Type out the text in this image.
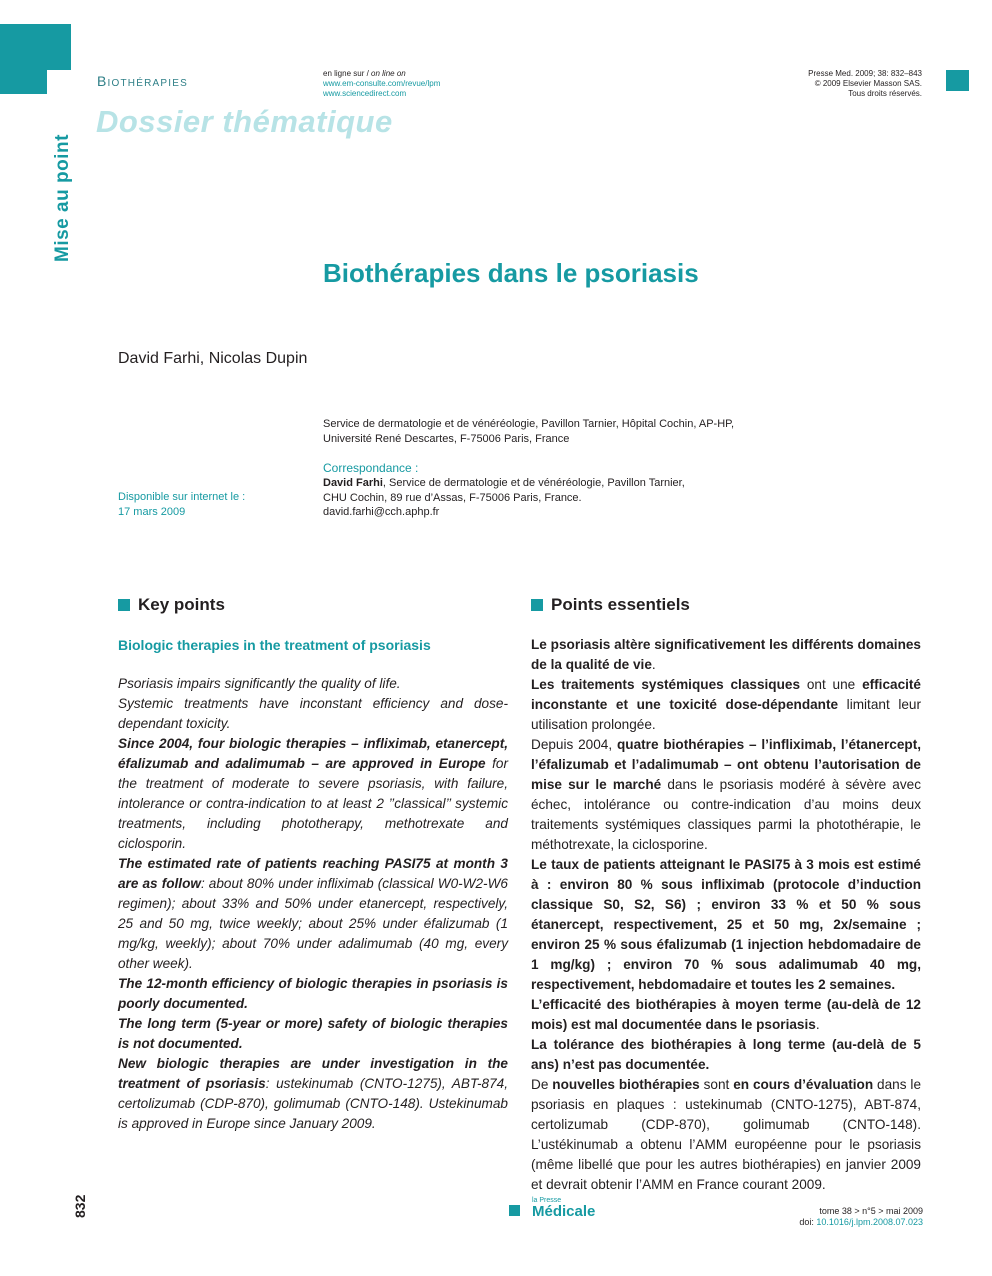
Biothérapies	en ligne sur / on line on
www.em-consulte.com/revue/lpm
www.sciencedirect.com
Presse Med. 2009; 38: 832–843
© 2009 Elsevier Masson SAS.
Tous droits réservés.
Dossier thématique
Mise au point
Biothérapies dans le psoriasis
David Farhi, Nicolas Dupin
Service de dermatologie et de vénéréologie, Pavillon Tarnier, Hôpital Cochin, AP-HP,
Université René Descartes, F-75006 Paris, France
Correspondance :
David Farhi, Service de dermatologie et de vénéréologie, Pavillon Tarnier,
CHU Cochin, 89 rue d’Assas, F-75006 Paris, France.
david.farhi@cch.aphp.fr
Disponible sur internet le :
17 mars 2009
Key points	Points essentiels
Biologic therapies in the treatment of psoriasis

Psoriasis impairs significantly the quality of life.

Systemic treatments have inconstant efficiency and dose-dependant toxicity.

Since 2004, four biologic therapies – infliximab, etanercept, éfalizumab and adalimumab – are approved in Europe for the treatment of moderate to severe psoriasis, with failure, intolerance or contra-indication to at least 2 ’’classical’’ systemic treatments, including phototherapy, methotrexate and ciclosporin.

The estimated rate of patients reaching PASI75 at month 3 are as follow: about 80% under infliximab (classical W0-W2-W6 regimen); about 33% and 50% under etanercept, respectively, 25 and 50 mg, twice weekly; about 25% under éfalizumab (1 mg/kg, weekly); about 70% under adalimumab (40 mg, every other week).

The 12-month efficiency of biologic therapies in psoriasis is poorly documented.

The long term (5-year or more) safety of biologic therapies is not documented.

New biologic therapies are under investigation in the treatment of psoriasis: ustekinumab (CNTO-1275), ABT-874, certolizumab (CDP-870), golimumab (CNTO-148). Ustekinumab is approved in Europe since January 2009.

Le psoriasis altère significativement les différents domaines de la qualité de vie.

Les traitements systémiques classiques ont une efficacité inconstante et une toxicité dose-dépendante limitant leur utilisation prolongée.

Depuis 2004, quatre biothérapies – l’infliximab, l’étanercept, l’éfalizumab et l’adalimumab – ont obtenu l’autorisation de mise sur le marché dans le psoriasis modéré à sévère avec échec, intolérance ou contre-indication d’au moins deux traitements systémiques classiques parmi la photothérapie, le méthotrexate, la ciclosporine.

Le taux de patients atteignant le PASI75 à 3 mois est estimé à : environ 80 % sous infliximab (protocole d’induction classique S0, S2, S6) ; environ 33 % et 50 % sous étanercept, respectivement, 25 et 50 mg, 2x/semaine ; environ 25 % sous éfalizumab (1 injection hebdomadaire de 1 mg/kg) ; environ 70 % sous adalimumab 40 mg, respectivement, hebdomadaire et toutes les 2 semaines.

L’efficacité des biothérapies à moyen terme (au-delà de 12 mois) est mal documentée dans le psoriasis.

La tolérance des biothérapies à long terme (au-delà de 5 ans) n’est pas documentée.

De nouvelles biothérapies sont en cours d’évaluation dans le psoriasis en plaques : ustekinumab (CNTO-1275), ABT-874, certolizumab (CDP-870), golimumab (CNTO-148). L’ustékinumab a obtenu l’AMM européenne pour le psoriasis (même libellé que pour les autres biothérapies) en janvier 2009 et devrait obtenir l’AMM en France courant 2009.

832	la Presse
Médicale	tome 38 > n°5 > mai 2009
doi: 10.1016/j.lpm.2008.07.023
